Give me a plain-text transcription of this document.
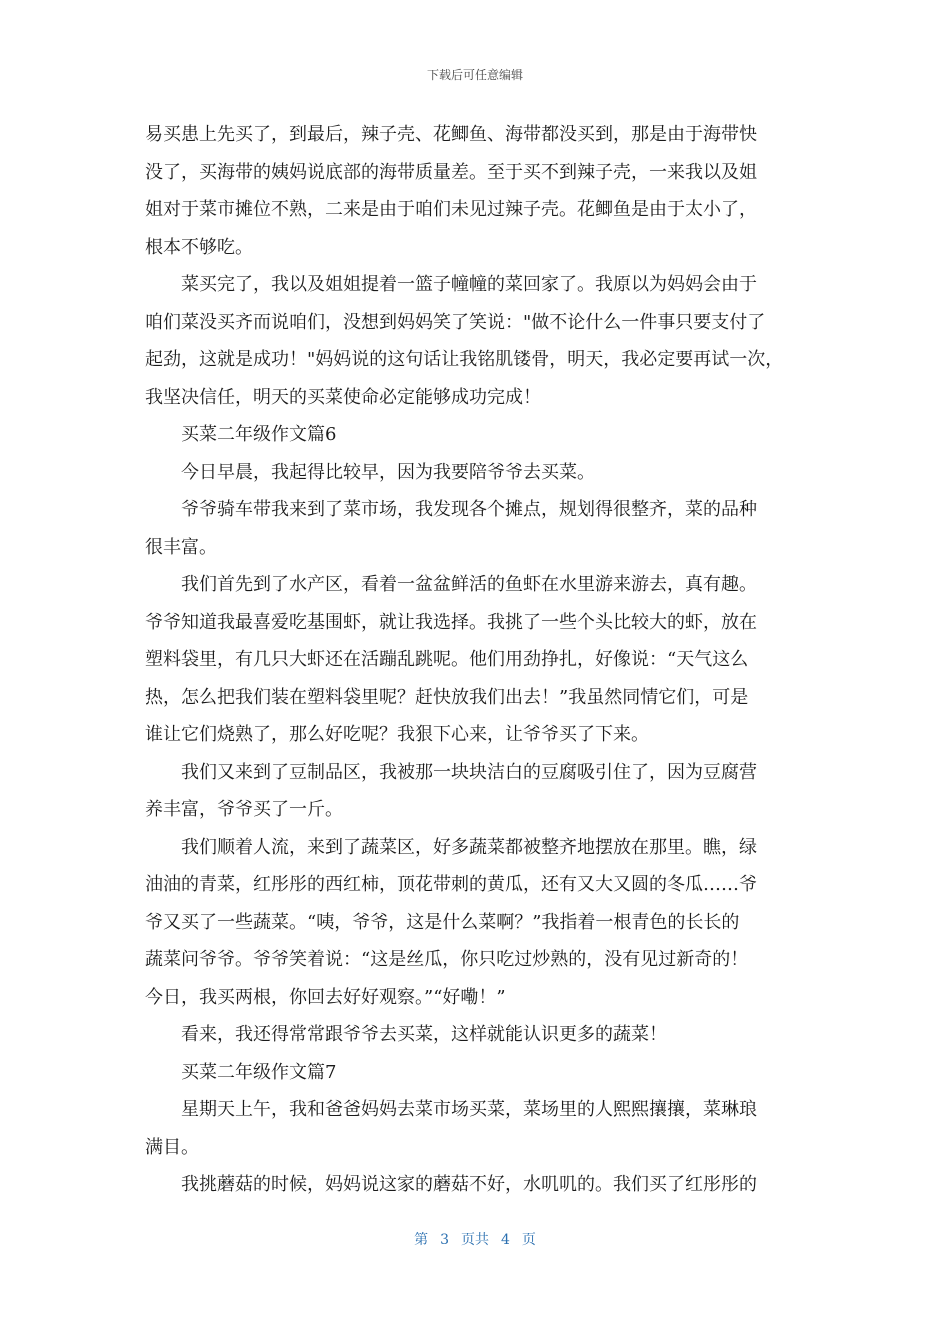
下载后可任意编辑
易买患上先买了，到最后，辣子壳、花鲫鱼、海带都没买到，那是由于海带快
没了，买海带的姨妈说底部的海带质量差。至于买不到辣子壳，一来我以及姐
姐对于菜市摊位不熟，二来是由于咱们未见过辣子壳。花鲫鱼是由于太小了，
根本不够吃。
菜买完了，我以及姐姐提着一篮子幢幢的菜回家了。我原以为妈妈会由于
咱们菜没买齐而说咱们，没想到妈妈笑了笑说："做不论什么一件事只要支付了
起劲，这就是成功！"妈妈说的这句话让我铭肌镂骨，明天，我必定要再试一次，
我坚决信任，明天的买菜使命必定能够成功完成！
买菜二年级作文篇6
今日早晨，我起得比较早，因为我要陪爷爷去买菜。
爷爷骑车带我来到了菜市场，我发现各个摊点，规划得很整齐，菜的品种
很丰富。
我们首先到了水产区，看着一盆盆鲜活的鱼虾在水里游来游去，真有趣。
爷爷知道我最喜爱吃基围虾，就让我选择。我挑了一些个头比较大的虾，放在
塑料袋里，有几只大虾还在活蹦乱跳呢。他们用劲挣扎，好像说：“天气这么
热，怎么把我们装在塑料袋里呢？赶快放我们出去！”我虽然同情它们，可是
谁让它们烧熟了，那么好吃呢？我狠下心来，让爷爷买了下来。
我们又来到了豆制品区，我被那一块块洁白的豆腐吸引住了，因为豆腐营
养丰富，爷爷买了一斤。
我们顺着人流，来到了蔬菜区，好多蔬菜都被整齐地摆放在那里。瞧，绿
油油的青菜，红彤彤的西红柿，顶花带刺的黄瓜，还有又大又圆的冬瓜……爷
爷又买了一些蔬菜。“咦，爷爷，这是什么菜啊？”我指着一根青色的长长的
蔬菜问爷爷。爷爷笑着说：“这是丝瓜，你只吃过炒熟的，没有见过新奇的！
今日，我买两根，你回去好好观察。”“好嘞！”
看来，我还得常常跟爷爷去买菜，这样就能认识更多的蔬菜！
买菜二年级作文篇7
星期天上午，我和爸爸妈妈去菜市场买菜，菜场里的人熙熙攘攘，菜琳琅
满目。
我挑蘑菇的时候，妈妈说这家的蘑菇不好，水叽叽的。我们买了红彤彤的
第 3 页共 4 页
